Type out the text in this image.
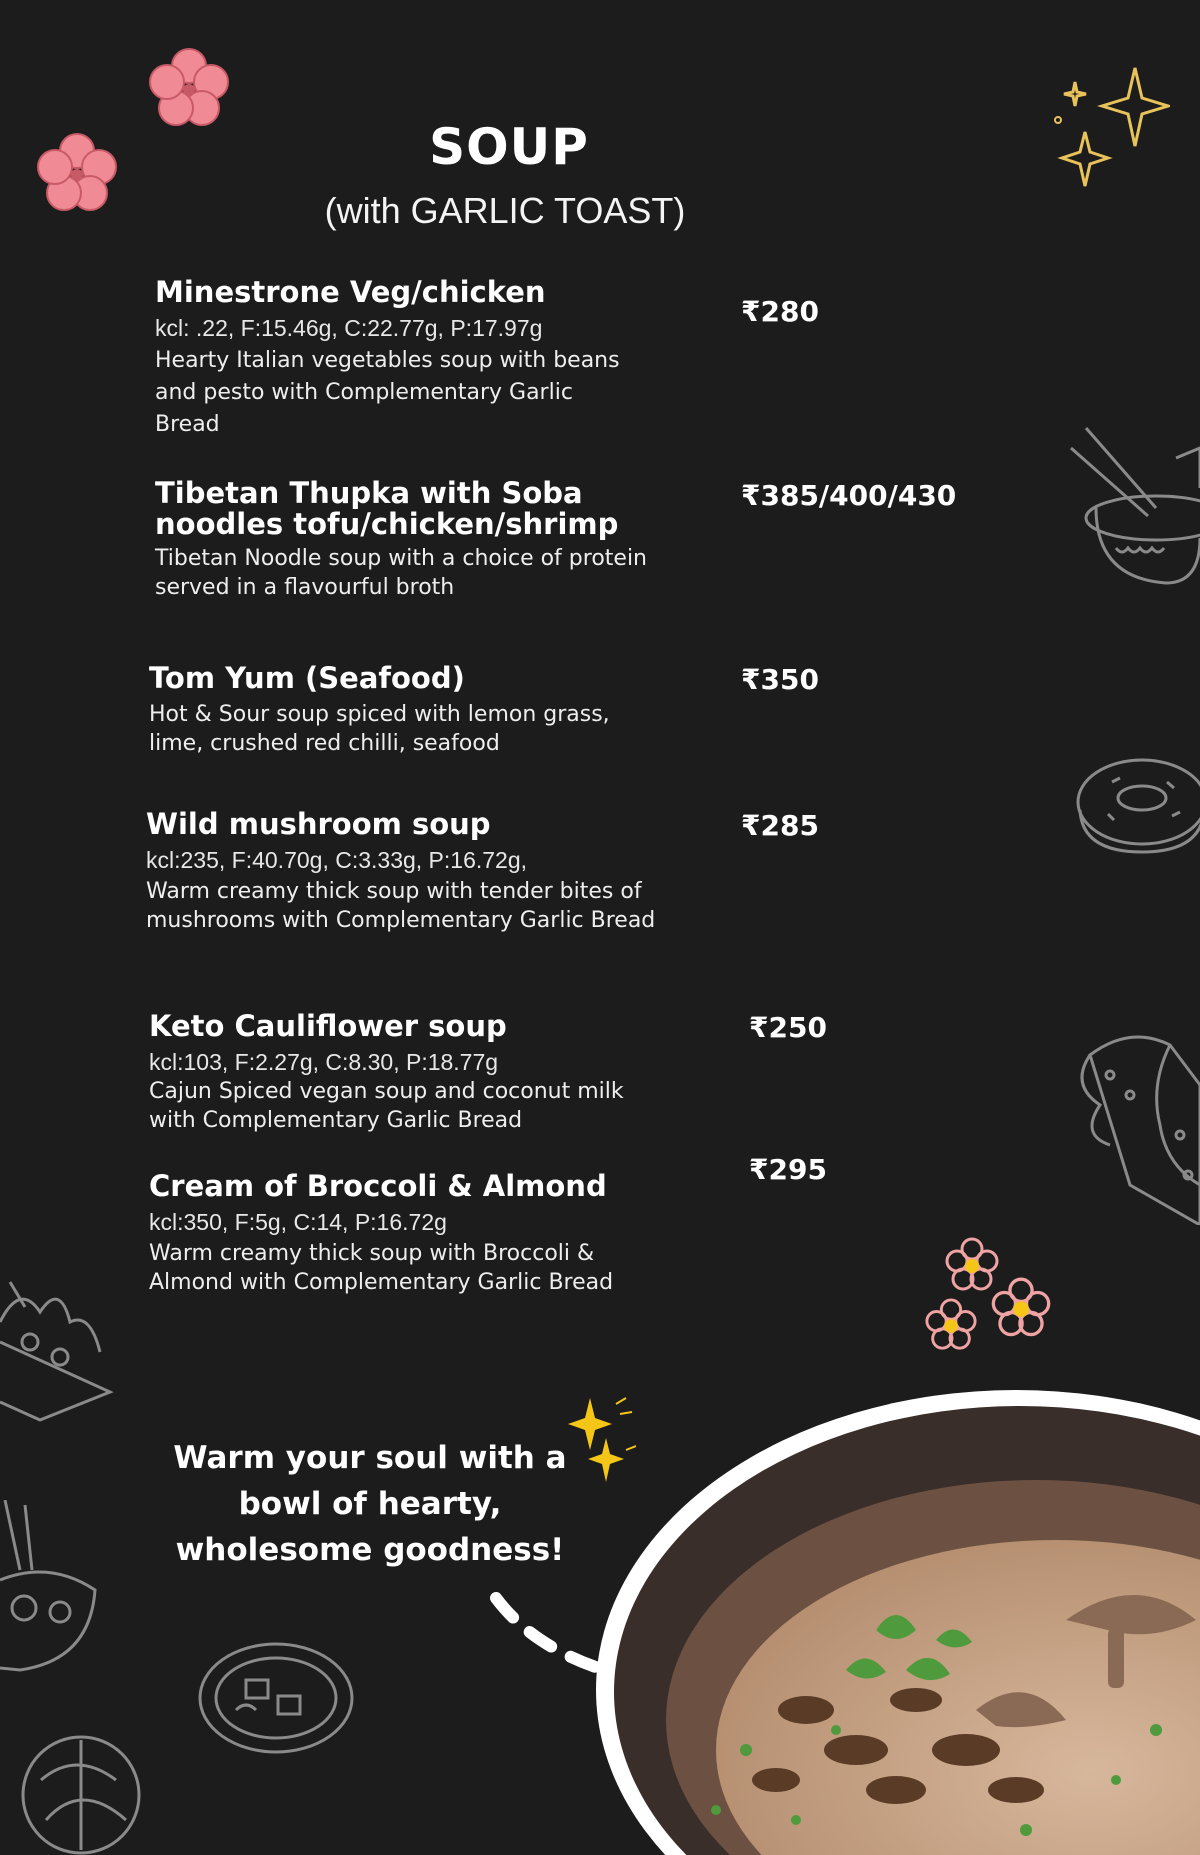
SOUP
(with GARLIC TOAST)
Minestrone Veg/chicken
kcl: .22, F:15.46g, C:22.77g, P:17.97g
Hearty Italian vegetables soup with beans and pesto with Complementary Garlic Bread
₹280
Tibetan Thupka with Soba noodles tofu/chicken/shrimp
Tibetan Noodle soup with a choice of protein served in a flavourful broth
₹385/400/430
Tom Yum (Seafood)
Hot & Sour soup spiced with lemon grass, lime, crushed red chilli, seafood
₹350
Wild mushroom soup
kcl:235, F:40.70g, C:3.33g, P:16.72g,
Warm creamy thick soup with tender bites of mushrooms with Complementary Garlic Bread
₹285
Keto Cauliflower soup
kcl:103, F:2.27g, C:8.30, P:18.77g
Cajun Spiced vegan soup and coconut milk with Complementary Garlic Bread
₹250
Cream of Broccoli & Almond
kcl:350, F:5g, C:14, P:16.72g
Warm creamy thick soup with Broccoli & Almond with Complementary Garlic Bread
₹295
Warm your soul with a bowl of hearty, wholesome goodness!
